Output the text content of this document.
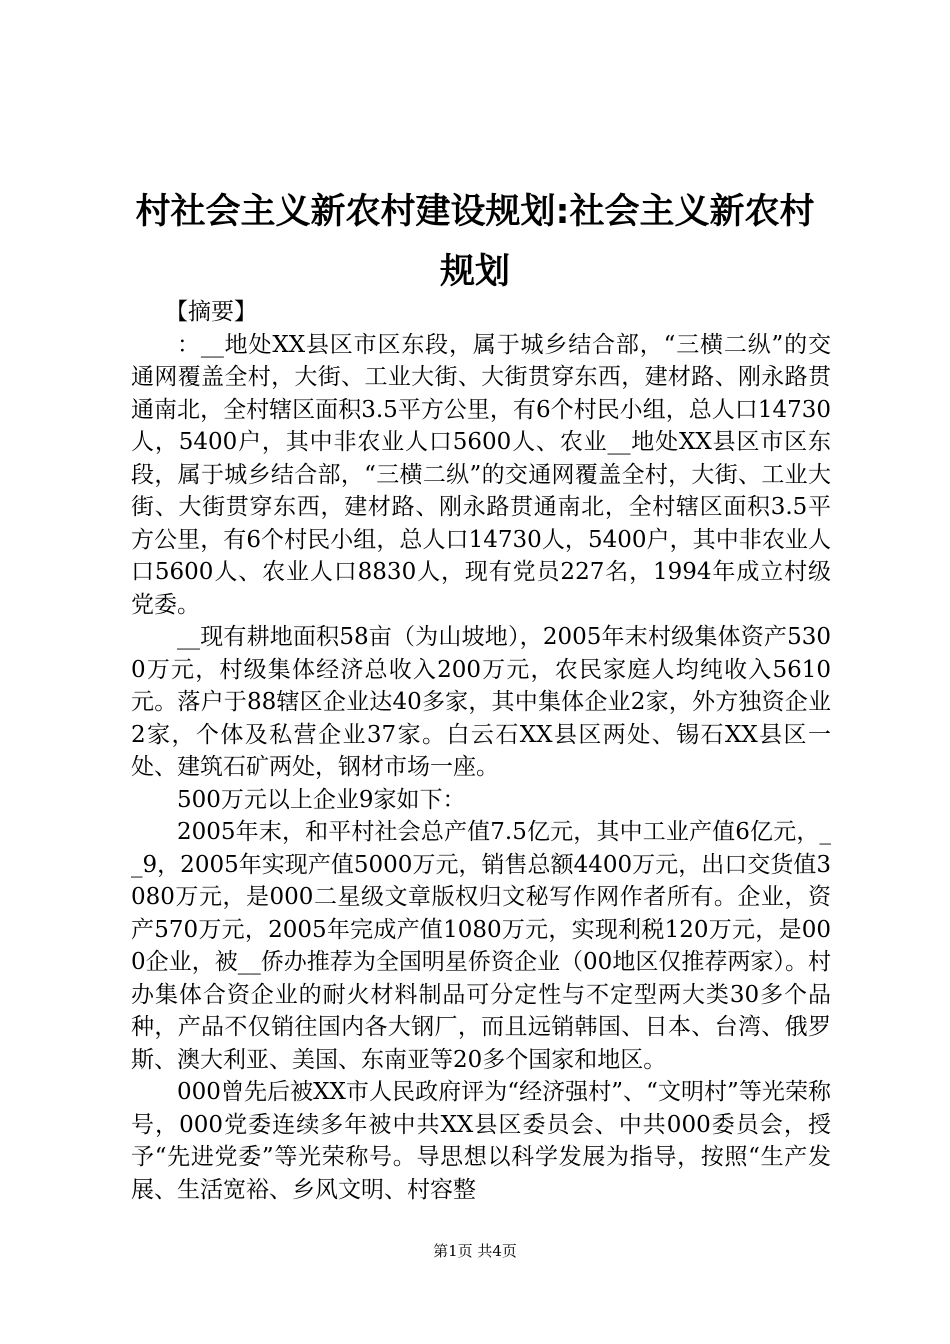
村社会主义新农村建设规划:社会主义新农村
规划

【摘要】

：__地处XX县区市区东段，属于城乡结合部，“三横二纵”的交通网覆盖全村，大街、工业大街、大街贯穿东西，建材路、刚永路贯通南北，全村辖区面积3.5平方公里，有6个村民小组，总人口14730人，5400户，其中非农业人口5600人、农业__地处XX县区市区东段，属于城乡结合部，“三横二纵”的交通网覆盖全村，大街、工业大街、大街贯穿东西，建材路、刚永路贯通南北，全村辖区面积3.5平方公里，有6个村民小组，总人口14730人，5400户，其中非农业人口5600人、农业人口8830人，现有党员227名，1994年成立村级党委。

__现有耕地面积58亩（为山坡地），2005年末村级集体资产5300万元，村级集体经济总收入200万元，农民家庭人均纯收入5610元。落户于88辖区企业达40多家，其中集体企业2家，外方独资企业2家，个体及私营企业37家。白云石XX县区两处、锡石XX县区一处、建筑石矿两处，钢材市场一座。

500万元以上企业9家如下：

2005年末，和平村社会总产值7.5亿元，其中工业产值6亿元，__9，2005年实现产值5000万元，销售总额4400万元，出口交货值3080万元，是000二星级文章版权归文秘写作网作者所有。企业，资产570万元，2005年完成产值1080万元，实现利税120万元，是000企业，被__侨办推荐为全国明星侨资企业（00地区仅推荐两家）。村办集体合资企业的耐火材料制品可分定性与不定型两大类30多个品种，产品不仅销往国内各大钢厂，而且远销韩国、日本、台湾、俄罗斯、澳大利亚、美国、东南亚等20多个国家和地区。

000曾先后被XX市人民政府评为“经济强村”、“文明村”等光荣称号，000党委连续多年被中共XX县区委员会、中共000委员会，授予“先进党委”等光荣称号。导思想以科学发展为指导，按照“生产发展、生活宽裕、乡风文明、村容整

第1页 共4页
